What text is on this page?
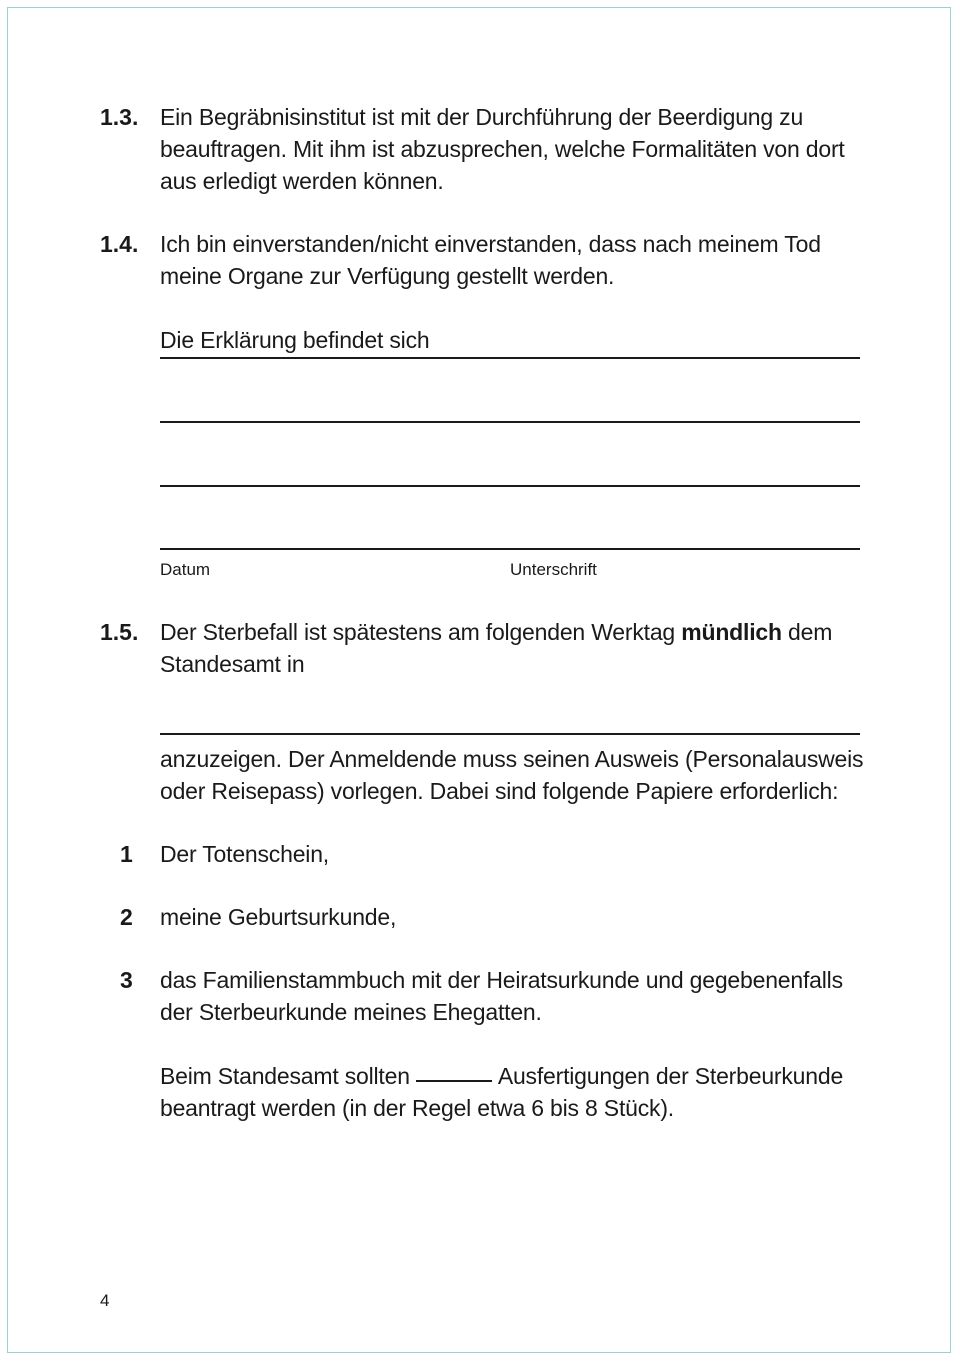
1.3. Ein Begräbnisinstitut ist mit der Durchführung der Beerdigung zu
beauftragen. Mit ihm ist abzusprechen, welche Formalitäten von dort
aus erledigt werden können.
1.4. Ich bin einverstanden/nicht einverstanden, dass nach meinem Tod
meine Organe zur Verfügung gestellt werden.
Die Erklärung befindet sich
Datum	Unterschrift
1.5. Der Sterbefall ist spätestens am folgenden Werktag mündlich dem
Standesamt in
anzuzeigen. Der Anmeldende muss seinen Ausweis (Personalausweis
oder Reisepass) vorlegen. Dabei sind folgende Papiere erforderlich:
1 Der Totenschein,
2 meine Geburtsurkunde,
3 das Familienstammbuch mit der Heiratsurkunde und gegebenenfalls
der Sterbeurkunde meines Ehegatten.
Beim Standesamt sollten	Ausfertigungen der Sterbeurkunde
beantragt werden (in der Regel etwa 6 bis 8 Stück).
4
